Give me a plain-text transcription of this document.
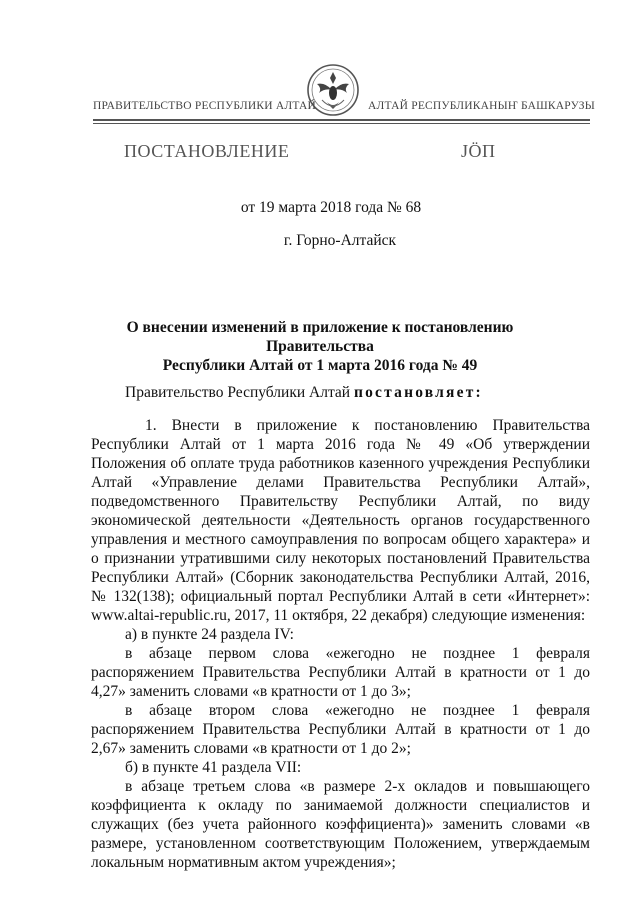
ПРАВИТЕЛЬСТВО РЕСПУБЛИКИ АЛТАЙ	АЛТАЙ РЕСПУБЛИКАНЫҤ БАШКАРУЗЫ
ПОСТАНОВЛЕНИЕ	JӦП
от 19 марта 2018 года № 68
г. Горно-Алтайск
О внесении изменений в приложение к постановлению Правительства
Республики Алтай от 1 марта 2016 года № 49
Правительство Республики Алтай постановляет:

1. Внести в приложение к постановлению Правительства Республики Алтай от 1 марта 2016 года № 49 «Об утверждении Положения об оплате труда работников казенного учреждения Республики Алтай «Управление делами Правительства Республики Алтай», подведомственного Правительству Республики Алтай, по виду экономической деятельности «Деятельность органов государственного управления и местного самоуправления по вопросам общего характера» и о признании утратившими силу некоторых постановлений Правительства Республики Алтай» (Сборник законодательства Республики Алтай, 2016, № 132(138); официальный портал Республики Алтай в сети «Интернет»: www.altai-republic.ru, 2017, 11 октября, 22 декабря) следующие изменения:

а) в пункте 24 раздела IV:

в абзаце первом слова «ежегодно не позднее 1 февраля распоряжением Правительства Республики Алтай в кратности от 1 до 4,27» заменить словами «в кратности от 1 до 3»;

в абзаце втором слова «ежегодно не позднее 1 февраля распоряжением Правительства Республики Алтай в кратности от 1 до 2,67» заменить словами «в кратности от 1 до 2»;

б) в пункте 41 раздела VII:

в абзаце третьем слова «в размере 2-х окладов и повышающего коэффициента к окладу по занимаемой должности специалистов и служащих (без учета районного коэффициента)» заменить словами «в размере, установленном соответствующим Положением, утверждаемым локальным нормативным актом учреждения»;
